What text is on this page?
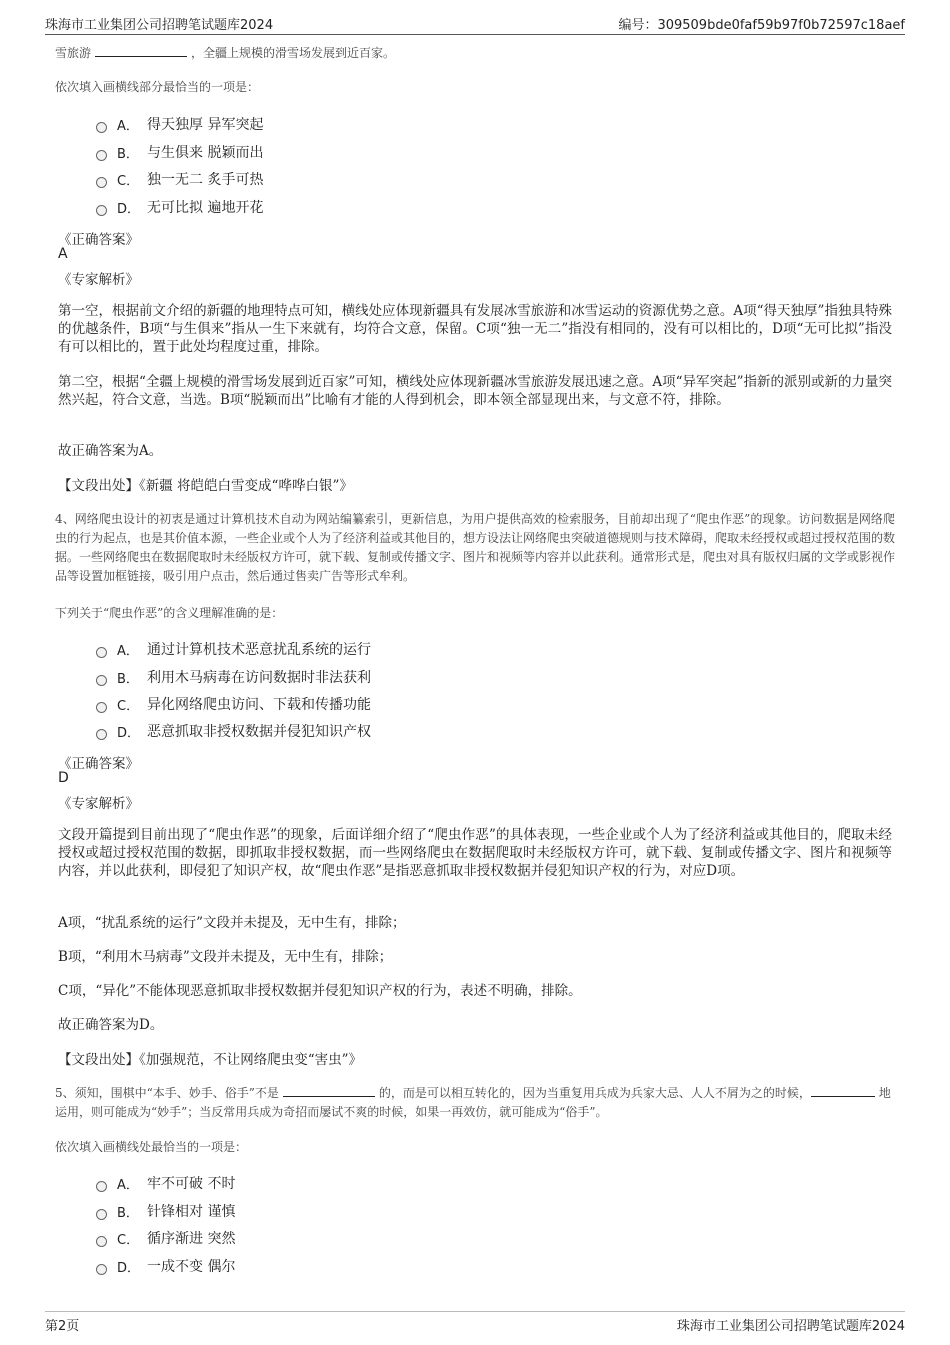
珠海市工业集团公司招聘笔试题库2024	编号：309509bde0faf59b97f0b72597c18aef
雪旅游	，全疆上规模的滑雪场发展到近百家。
依次填入画横线部分最恰当的一项是：
A． 得天独厚 异军突起
B． 与生俱来 脱颖而出
C． 独一无二 炙手可热
D． 无可比拟 遍地开花
《正确答案》
A
《专家解析》
第一空，根据前文介绍的新疆的地理特点可知，横线处应体现新疆具有发展冰雪旅游和冰雪运动的资源优势之意。A项“得天独厚”指独具特殊的优越条件，B项“与生俱来”指从一生下来就有，均符合文意，保留。C项“独一无二”指没有相同的，没有可以相比的，D项“无可比拟”指没有可以相比的，置于此处均程度过重，排除。
第二空，根据“全疆上规模的滑雪场发展到近百家”可知，横线处应体现新疆冰雪旅游发展迅速之意。A项“异军突起”指新的派别或新的力量突然兴起，符合文意，当选。B项“脱颖而出”比喻有才能的人得到机会，即本领全部显现出来，与文意不符，排除。
故正确答案为A。
【文段出处】《新疆 将皑皑白雪变成“哗哗白银”》
4、网络爬虫设计的初衷是通过计算机技术自动为网站编纂索引，更新信息，为用户提供高效的检索服务，目前却出现了“爬虫作恶”的现象。访问数据是网络爬虫的行为起点，也是其价值本源，一些企业或个人为了经济利益或其他目的，想方设法让网络爬虫突破道德规则与技术障碍，爬取未经授权或超过授权范围的数据。一些网络爬虫在数据爬取时未经版权方许可，就下载、复制或传播文字、图片和视频等内容并以此获利。通常形式是，爬虫对具有版权归属的文学或影视作品等设置加框链接，吸引用户点击，然后通过售卖广告等形式牟利。
下列关于“爬虫作恶”的含义理解准确的是：
A． 通过计算机技术恶意扰乱系统的运行
B． 利用木马病毒在访问数据时非法获利
C． 异化网络爬虫访问、下载和传播功能
D． 恶意抓取非授权数据并侵犯知识产权
《正确答案》
D
《专家解析》
文段开篇提到目前出现了“爬虫作恶”的现象，后面详细介绍了“爬虫作恶”的具体表现，一些企业或个人为了经济利益或其他目的，爬取未经授权或超过授权范围的数据，即抓取非授权数据，而一些网络爬虫在数据爬取时未经版权方许可，就下载、复制或传播文字、图片和视频等内容，并以此获利，即侵犯了知识产权，故“爬虫作恶”是指恶意抓取非授权数据并侵犯知识产权的行为，对应D项。
A项，“扰乱系统的运行”文段并未提及，无中生有，排除；
B项，“利用木马病毒”文段并未提及，无中生有，排除；
C项，“异化”不能体现恶意抓取非授权数据并侵犯知识产权的行为，表述不明确，排除。
故正确答案为D。
【文段出处】《加强规范，不让网络爬虫变“害虫”》
5、须知，围棋中“本手、妙手、俗手”不是	的，而是可以相互转化的，因为当重复用兵成为兵家大忌、人人不屑为之的时候，	地运用，则可能成为“妙手”；当反常用兵成为奇招而屡试不爽的时候，如果一再效仿，就可能成为“俗手”。
依次填入画横线处最恰当的一项是：
A． 牢不可破 不时
B． 针锋相对 谨慎
C． 循序渐进 突然
D． 一成不变 偶尔
第2页	珠海市工业集团公司招聘笔试题库2024
